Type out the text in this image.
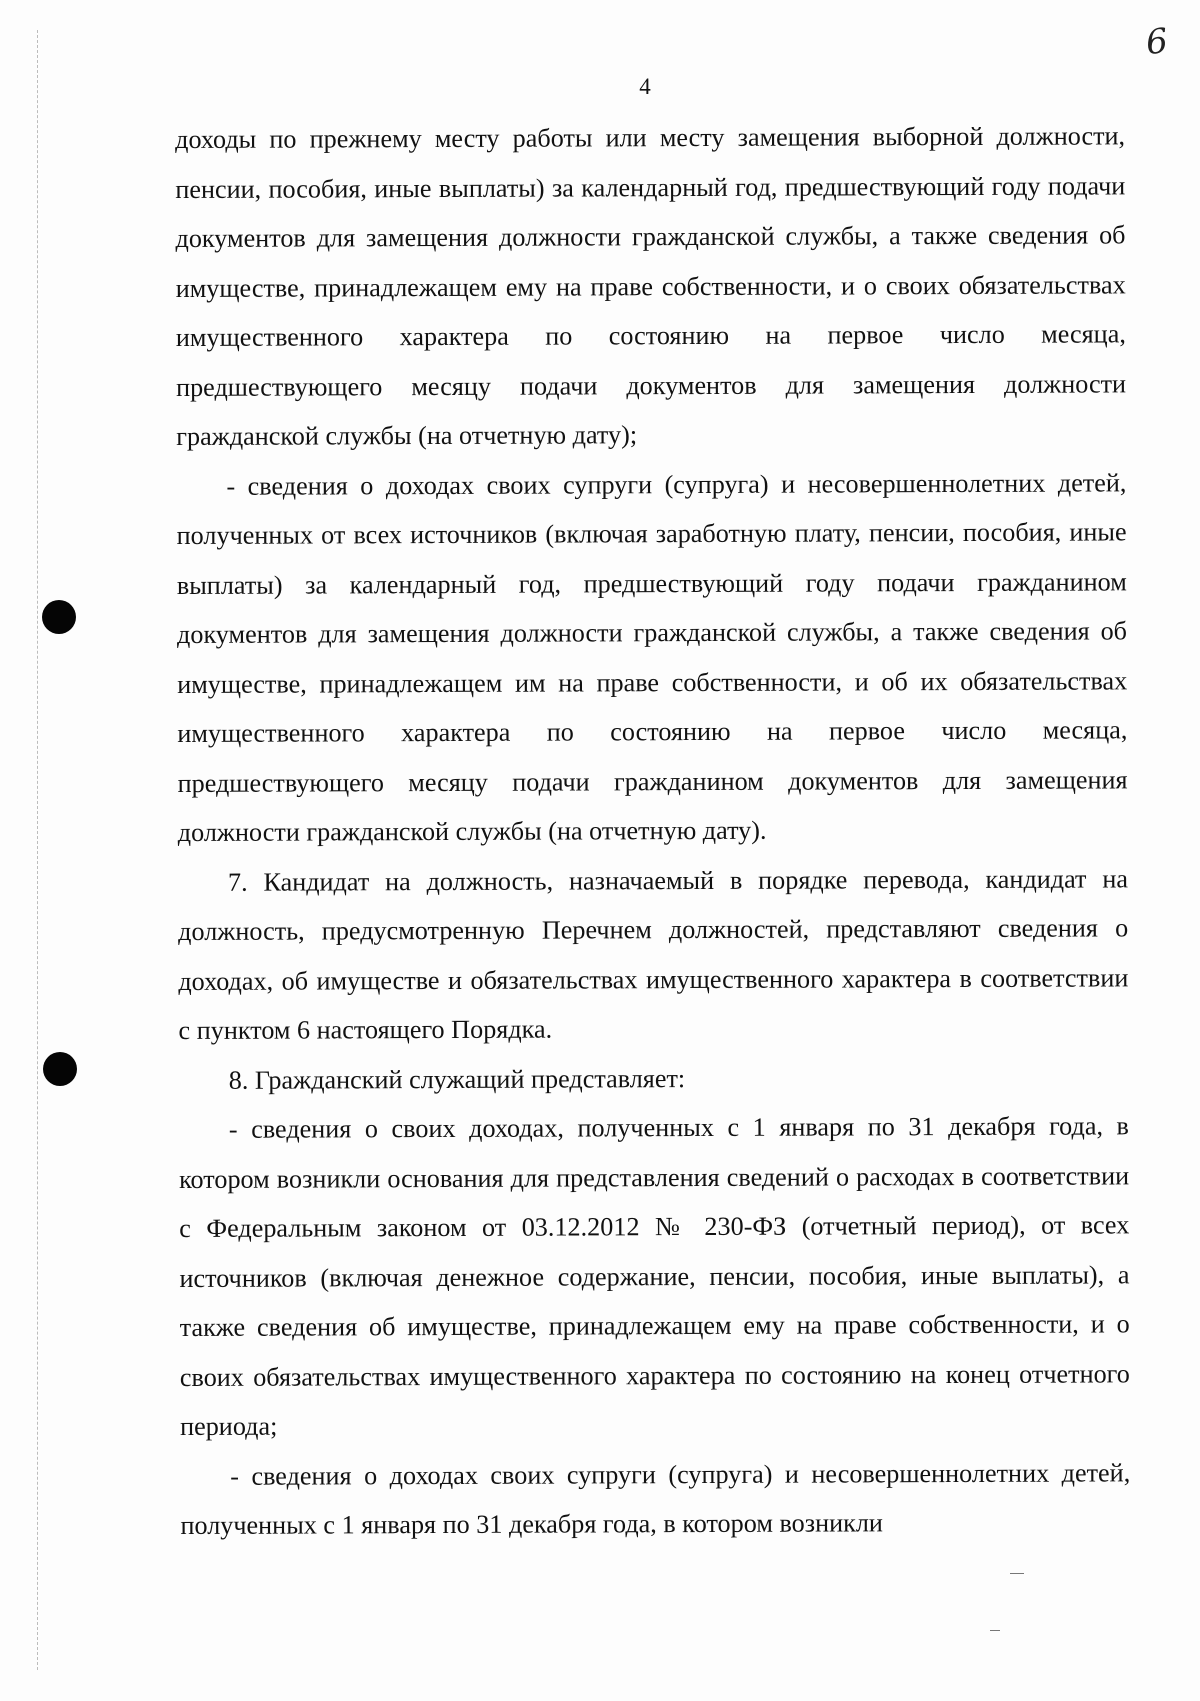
6
4

доходы по прежнему месту работы или месту замещения выборной должности, пенсии, пособия, иные выплаты) за календарный год, предшествующий году подачи документов для замещения должности гражданской службы, а также сведения об имуществе, принадлежащем ему на праве собственности, и о своих обязательствах имущественного характера по состоянию на первое число месяца, предшествующего месяцу подачи документов для замещения должности гражданской службы (на отчетную дату);

- сведения о доходах своих супруги (супруга) и несовершеннолетних детей, полученных от всех источников (включая заработную плату, пенсии, пособия, иные выплаты) за календарный год, предшествующий году подачи гражданином документов для замещения должности гражданской службы, а также сведения об имуществе, принадлежащем им на праве собственности, и об их обязательствах имущественного характера по состоянию на первое число месяца, предшествующего месяцу подачи гражданином документов для замещения должности гражданской службы (на отчетную дату).

7. Кандидат на должность, назначаемый в порядке перевода, кандидат на должность, предусмотренную Перечнем должностей, представляют сведения о доходах, об имуществе и обязательствах имущественного характера в соответствии с пунктом 6 настоящего Порядка.

8. Гражданский служащий представляет:

- сведения о своих доходах, полученных с 1 января по 31 декабря года, в котором возникли основания для представления сведений о расходах в соответствии с Федеральным законом от 03.12.2012 № 230-ФЗ (отчетный период), от всех источников (включая денежное содержание, пенсии, пособия, иные выплаты), а также сведения об имуществе, принадлежащем ему на праве собственности, и о своих обязательствах имущественного характера по состоянию на конец отчетного периода;

- сведения о доходах своих супруги (супруга) и несовершеннолетних детей, полученных с 1 января по 31 декабря года, в котором возникли
